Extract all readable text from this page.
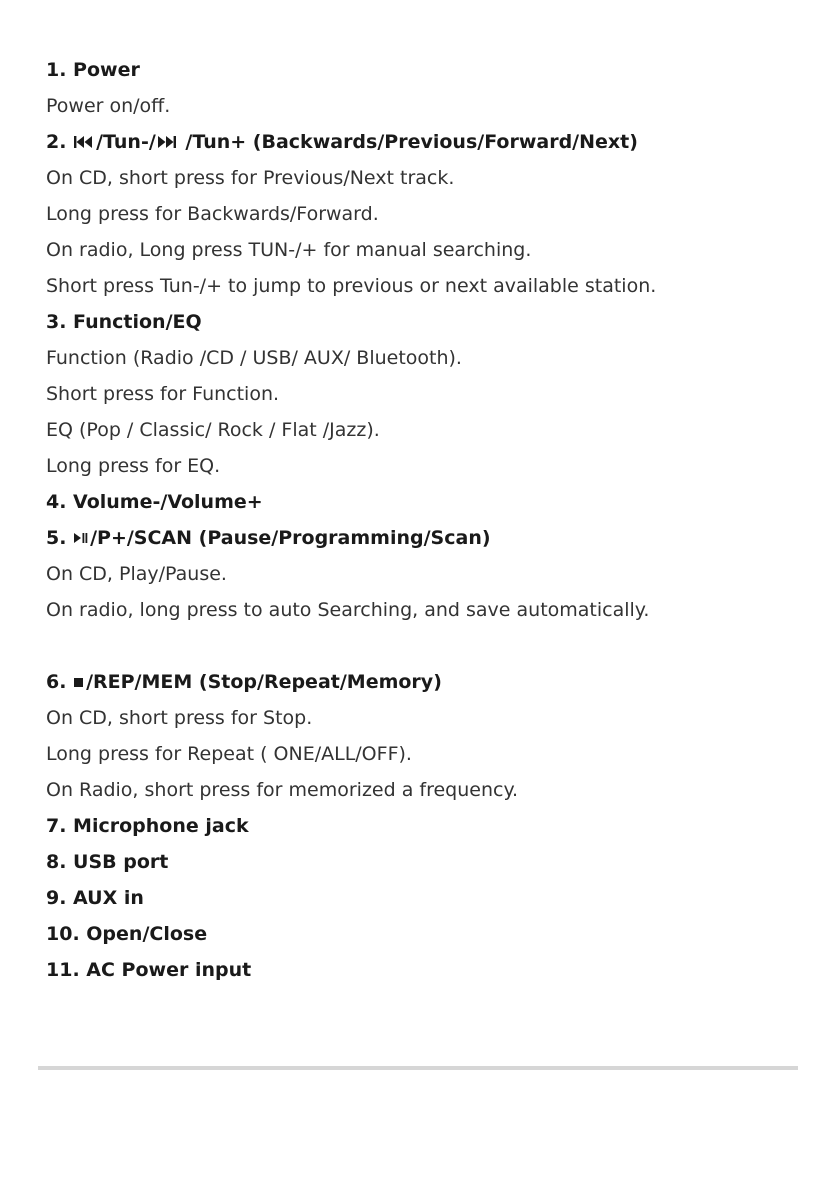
1. Power
Power on/off.
2. /Tun-/ /Tun+ (Backwards/Previous/Forward/Next)
On CD, short press for Previous/Next track.
Long press for Backwards/Forward.
On radio, Long press TUN-/+ for manual searching.
Short press Tun-/+ to jump to previous or next available station.
3. Function/EQ
Function (Radio /CD / USB/ AUX/ Bluetooth).
Short press for Function.
EQ (Pop / Classic/ Rock / Flat /Jazz).
Long press for EQ.
4. Volume-/Volume+
5. /P+/SCAN (Pause/Programming/Scan)
On CD, Play/Pause.
On radio, long press to auto Searching, and save automatically.
6. /REP/MEM (Stop/Repeat/Memory)
On CD, short press for Stop.
Long press for Repeat ( ONE/ALL/OFF).
On Radio, short press for memorized a frequency.
7. Microphone jack
8. USB port
9. AUX in
10. Open/Close
11. AC Power input
